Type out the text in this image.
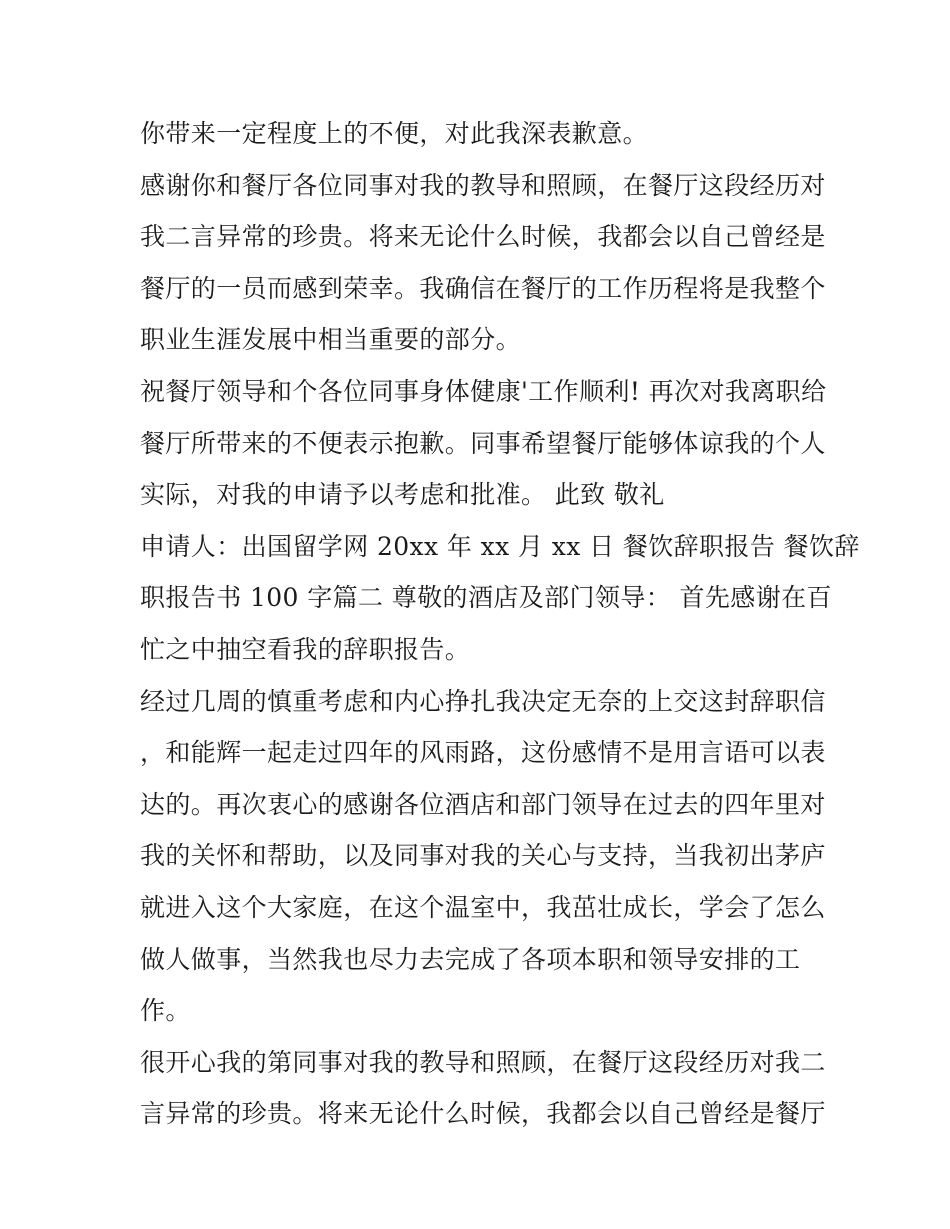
你带来一定程度上的不便，对此我深表歉意。
感谢你和餐厅各位同事对我的教导和照顾，在餐厅这段经历对
我二言异常的珍贵。将来无论什么时候，我都会以自己曾经是
餐厅的一员而感到荣幸。我确信在餐厅的工作历程将是我整个
职业生涯发展中相当重要的部分。
祝餐厅领导和个各位同事身体健康'工作顺利! 再次对我离职给
餐厅所带来的不便表示抱歉。同事希望餐厅能够体谅我的个人
实际，对我的申请予以考虑和批准。 此致 敬礼
申请人：出国留学网 20xx 年 xx 月 xx 日 餐饮辞职报告 餐饮辞
职报告书 100 字篇二 尊敬的酒店及部门领导： 首先感谢在百
忙之中抽空看我的辞职报告。
经过几周的慎重考虑和内心挣扎我决定无奈的上交这封辞职信
，和能辉一起走过四年的风雨路，这份感情不是用言语可以表
达的。再次衷心的感谢各位酒店和部门领导在过去的四年里对
我的关怀和帮助，以及同事对我的关心与支持，当我初出茅庐
就进入这个大家庭，在这个温室中，我茁壮成长，学会了怎么
做人做事，当然我也尽力去完成了各项本职和领导安排的工
作。
很开心我的第同事对我的教导和照顾，在餐厅这段经历对我二
言异常的珍贵。将来无论什么时候，我都会以自己曾经是餐厅
